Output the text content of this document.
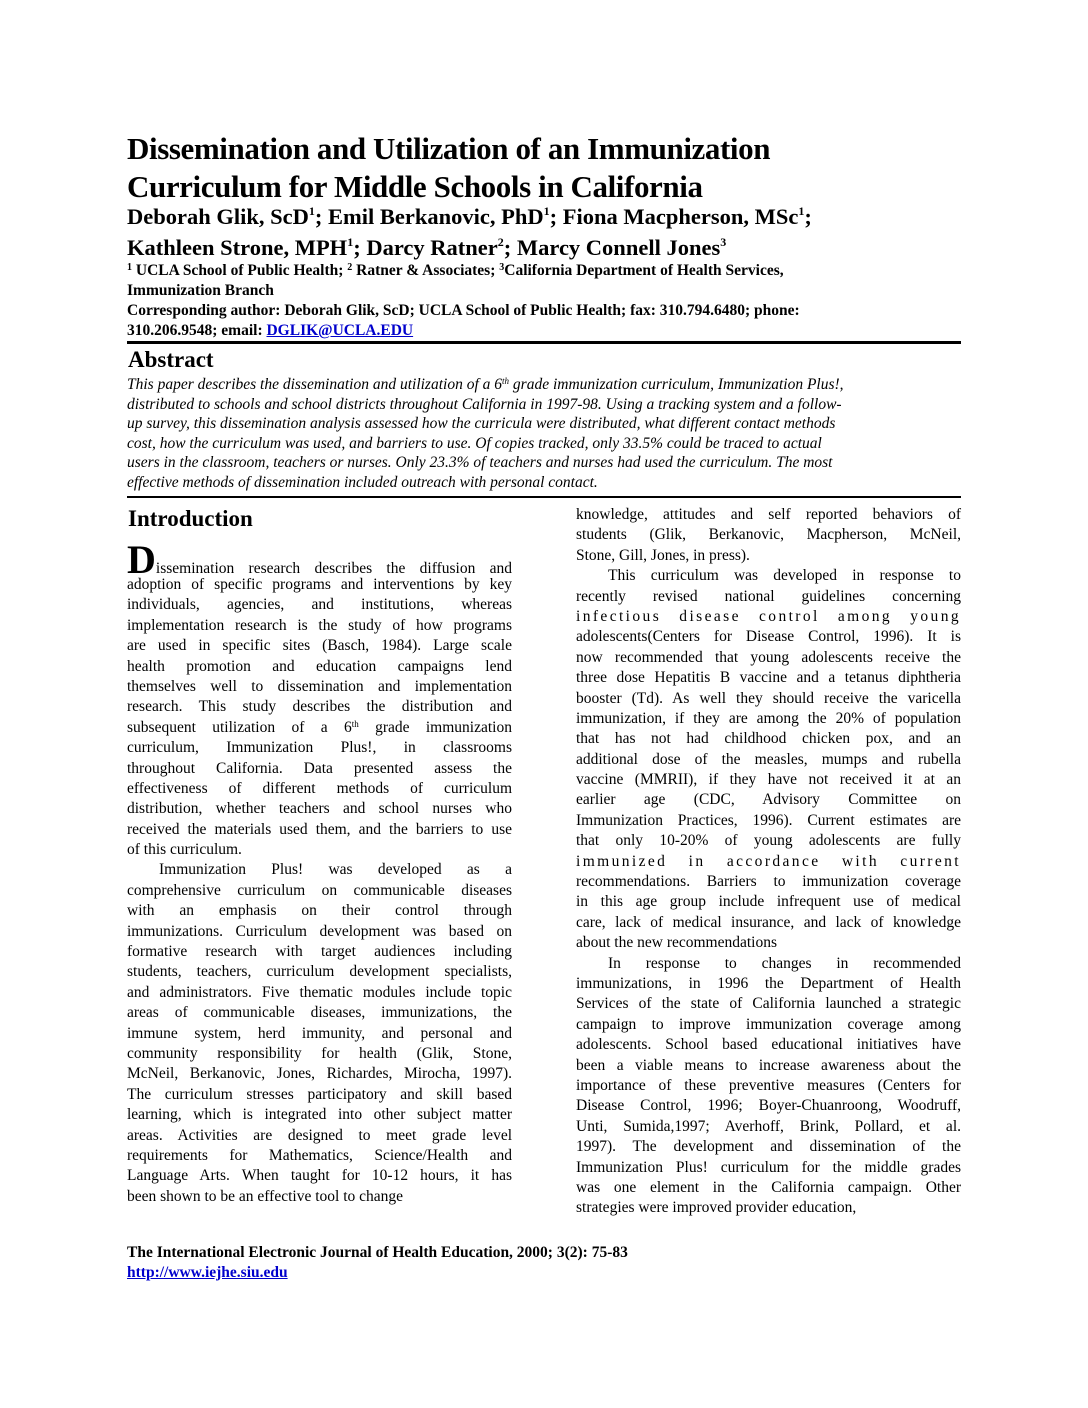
Dissemination and Utilization of an Immunization
Curriculum for Middle Schools in California
Deborah Glik, ScD$^1$; Emil Berkanovic, PhD$^1$; Fiona Macpherson, MSc$^1$;
Kathleen Strone, MPH$^1$; Darcy Ratner$^2$; Marcy Connell Jones$^3$
$^1$ UCLA School of Public Health; $^2$ Ratner & Associates; $^3$California Department of Health Services,
Immunization Branch
Corresponding author: Deborah Glik, ScD; UCLA School of Public Health; fax: 310.794.6480; phone:
310.206.9548; email: DGLIK@UCLA.EDU
Abstract
This paper describes the dissemination and utilization of a 6th grade immunization curriculum, Immunization Plus!,
distributed to schools and school districts throughout California in 1997-98. Using a tracking system and a follow-
up survey, this dissemination analysis assessed how the curricula were distributed, what different contact methods
cost, how the curriculum was used, and barriers to use. Of copies tracked, only 33.5% could be traced to actual
users in the classroom, teachers or nurses. Only 23.3% of teachers and nurses had used the curriculum. The most
effective methods of dissemination included outreach with personal contact.
Introduction
Dissemination research describes the diffusion and
adoption of specific programs and interventions by key
individuals, agencies, and institutions, whereas
implementation research is the study of how programs
are used in specific sites (Basch, 1984). Large scale
health promotion and education campaigns lend
themselves well to dissemination and implementation
research. This study describes the distribution and
subsequent utilization of a 6th grade immunization
curriculum, Immunization Plus!, in classrooms
throughout California. Data presented assess the
effectiveness of different methods of curriculum
distribution, whether teachers and school nurses who
received the materials used them, and the barriers to use
of this curriculum.
Immunization Plus! was developed as a
comprehensive curriculum on communicable diseases
with an emphasis on their control through
immunizations. Curriculum development was based on
formative research with target audiences including
students, teachers, curriculum development specialists,
and administrators. Five thematic modules include topic
areas of communicable diseases, immunizations, the
immune system, herd immunity, and personal and
community responsibility for health (Glik, Stone,
McNeil, Berkanovic, Jones, Richardes, Mirocha, 1997).
The curriculum stresses participatory and skill based
learning, which is integrated into other subject matter
areas. Activities are designed to meet grade level
requirements for Mathematics, Science/Health and
Language Arts. When taught for 10-12 hours, it has
been shown to be an effective tool to change
knowledge, attitudes and self reported behaviors of
students (Glik, Berkanovic, Macpherson, McNeil,
Stone, Gill, Jones, in press).
This curriculum was developed in response to
recently revised national guidelines concerning
infectious disease control among young
adolescents(Centers for Disease Control, 1996). It is
now recommended that young adolescents receive the
three dose Hepatitis B vaccine and a tetanus diphtheria
booster (Td). As well they should receive the varicella
immunization, if they are among the 20% of population
that has not had childhood chicken pox, and an
additional dose of the measles, mumps and rubella
vaccine (MMRII), if they have not received it at an
earlier age (CDC, Advisory Committee on
Immunization Practices, 1996). Current estimates are
that only 10-20% of young adolescents are fully
immunized in accordance with current
recommendations. Barriers to immunization coverage
in this age group include infrequent use of medical
care, lack of medical insurance, and lack of knowledge
about the new recommendations
In response to changes in recommended
immunizations, in 1996 the Department of Health
Services of the state of California launched a strategic
campaign to improve immunization coverage among
adolescents. School based educational initiatives have
been a viable means to increase awareness about the
importance of these preventive measures (Centers for
Disease Control, 1996; Boyer-Chuanroong, Woodruff,
Unti, Sumida,1997; Averhoff, Brink, Pollard, et al.
1997). The development and dissemination of the
Immunization Plus! curriculum for the middle grades
was one element in the California campaign. Other
strategies were improved provider education,
The International Electronic Journal of Health Education, 2000; 3(2): 75-83
http://www.iejhe.siu.edu
